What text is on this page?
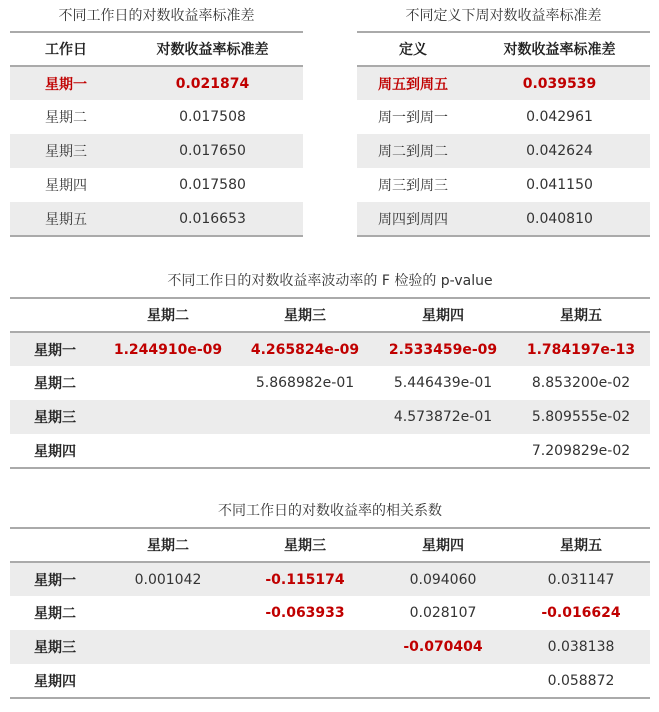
不同工作日的对数收益率标准差
工作日	对数收益率标准差
星期一	0.021874
星期二	0.017508
星期三	0.017650
星期四	0.017580
星期五	0.016653
不同定义下周对数收益率标准差
定义	对数收益率标准差
周五到周五	0.039539
周一到周一	0.042961
周二到周二	0.042624
周三到周三	0.041150
周四到周四	0.040810
不同工作日的对数收益率波动率的 F 检验的 p-value
	星期二	星期三	星期四	星期五
星期一	1.244910e-09	4.265824e-09	2.533459e-09	1.784197e-13
星期二		5.868982e-01	5.446439e-01	8.853200e-02
星期三			4.573872e-01	5.809555e-02
星期四				7.209829e-02
不同工作日的对数收益率的相关系数
	星期二	星期三	星期四	星期五
星期一	0.001042	-0.115174	0.094060	0.031147
星期二		-0.063933	0.028107	-0.016624
星期三			-0.070404	0.038138
星期四				0.058872
